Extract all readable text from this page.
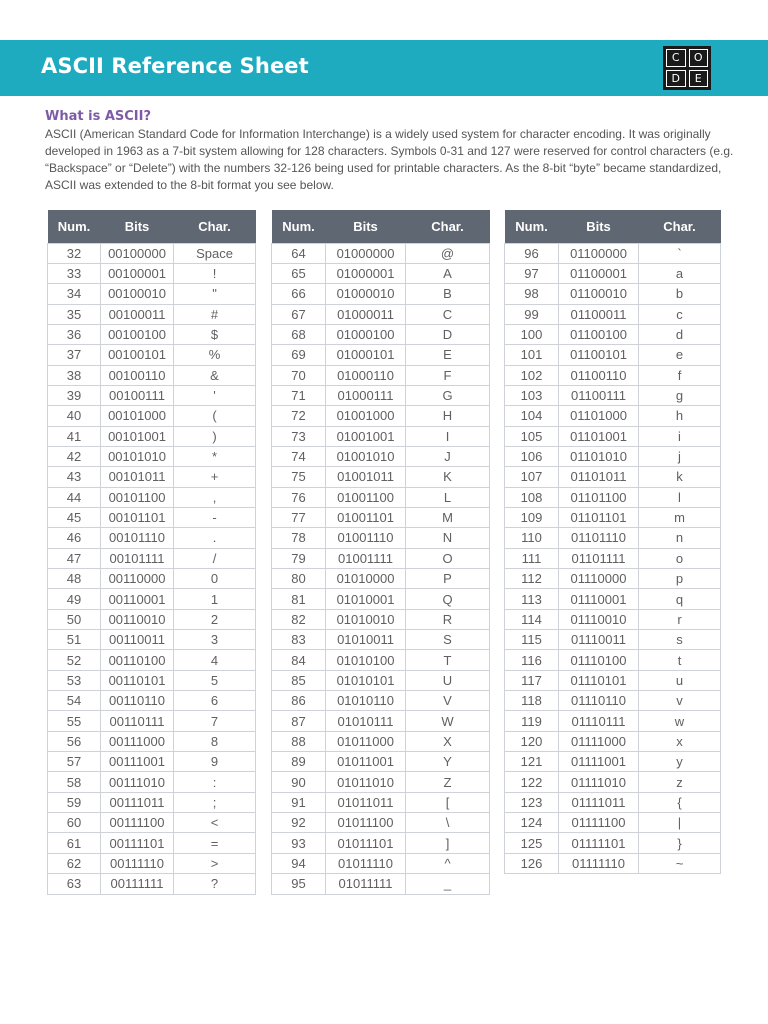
ASCII Reference Sheet	C	O
D	E
What is ASCII?

ASCII (American Standard Code for Information Interchange) is a widely used system for character encoding. It was originally developed in 1963 as a 7-bit system allowing for 128 characters. Symbols 0-31 and 127 were reserved for control characters (e.g. “Backspace” or “Delete”) with the numbers 32-126 being used for printable characters. As the 8-bit “byte” became standardized, ASCII was extended to the 8-bit format you see below.

Num.	Bits	Char.
32	00100000	Space
33	00100001	!
34	00100010	"
35	00100011	#
36	00100100	$
37	00100101	%
38	00100110	&
39	00100111	'
40	00101000	(
41	00101001	)
42	00101010	*
43	00101011	+
44	00101100	,
45	00101101	-
46	00101110	.
47	00101111	/
48	00110000	0
49	00110001	1
50	00110010	2
51	00110011	3
52	00110100	4
53	00110101	5
54	00110110	6
55	00110111	7
56	00111000	8
57	00111001	9
58	00111010	:
59	00111011	;
60	00111100	<
61	00111101	=
62	00111110	>
63	00111111	?
Num.	Bits	Char.
64	01000000	@
65	01000001	A
66	01000010	B
67	01000011	C
68	01000100	D
69	01000101	E
70	01000110	F
71	01000111	G
72	01001000	H
73	01001001	I
74	01001010	J
75	01001011	K
76	01001100	L
77	01001101	M
78	01001110	N
79	01001111	O
80	01010000	P
81	01010001	Q
82	01010010	R
83	01010011	S
84	01010100	T
85	01010101	U
86	01010110	V
87	01010111	W
88	01011000	X
89	01011001	Y
90	01011010	Z
91	01011011	[
92	01011100	\
93	01011101	]
94	01011110	^
95	01011111	_
Num.	Bits	Char.
96	01100000	`
97	01100001	a
98	01100010	b
99	01100011	c
100	01100100	d
101	01100101	e
102	01100110	f
103	01100111	g
104	01101000	h
105	01101001	i
106	01101010	j
107	01101011	k
108	01101100	l
109	01101101	m
110	01101110	n
111	01101111	o
112	01110000	p
113	01110001	q
114	01110010	r
115	01110011	s
116	01110100	t
117	01110101	u
118	01110110	v
119	01110111	w
120	01111000	x
121	01111001	y
122	01111010	z
123	01111011	{
124	01111100	|
125	01111101	}
126	01111110	~
